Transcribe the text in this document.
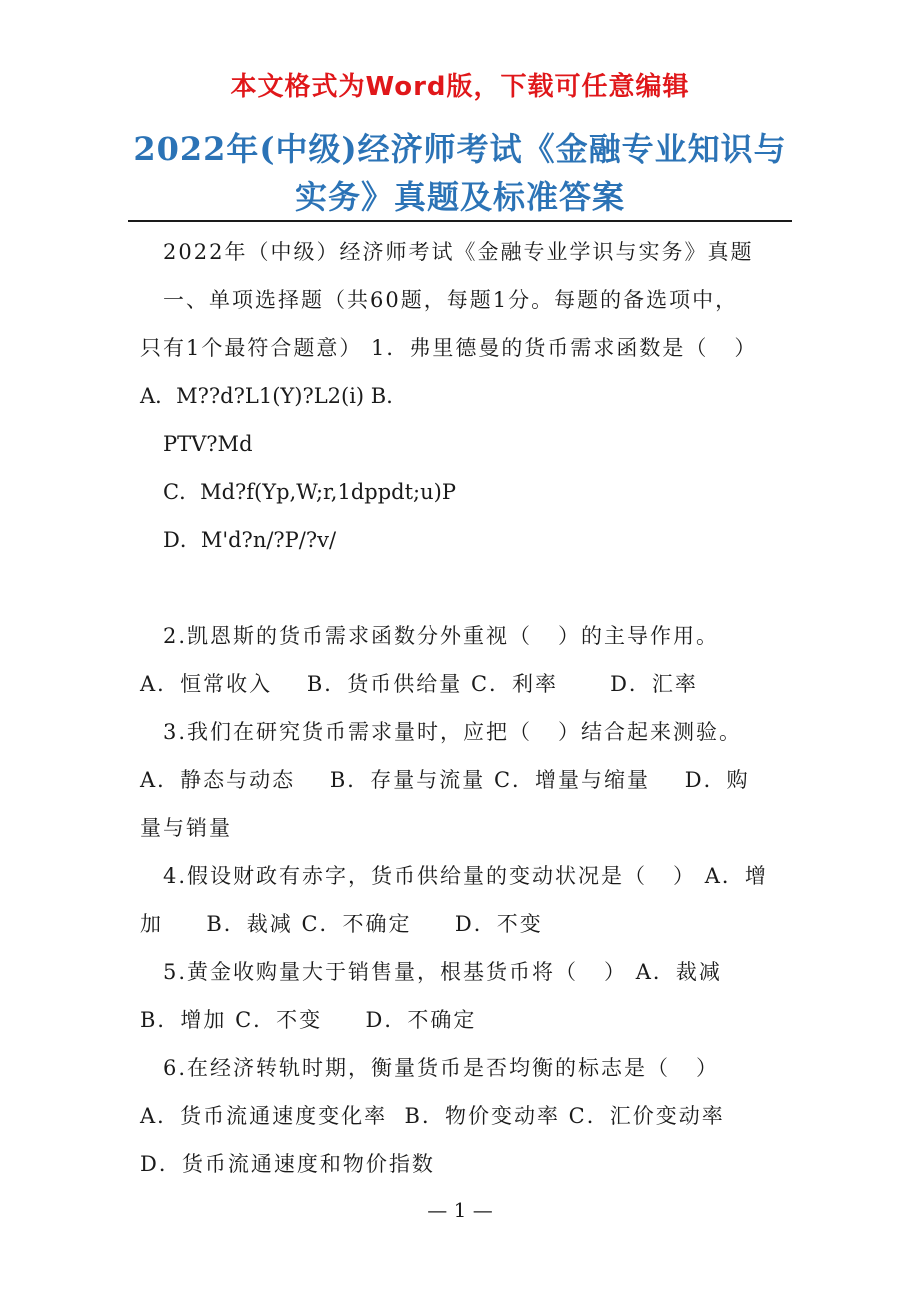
本文格式为Word版，下载可任意编辑
2022年(中级)经济师考试《金融专业知识与
实务》真题及标准答案
2022年（中级）经济师考试《金融专业学识与实务》真题
一、单项选择题（共60题，每题1分。每题的备选项中，
只有1个最符合题意） 1．弗里德曼的货币需求函数是（   ）
A．M??d?L1(Y)?L2(i) B．
PTV?Md
C．Md?f(Yp,W;r,1dppdt;u)P
D．M'd?n/?P/?v/
2.凯恩斯的货币需求函数分外重视（   ）的主导作用。
A．恒常收入    B．货币供给量 C．利率      D．汇率
3.我们在研究货币需求量时，应把（   ）结合起来测验。
A．静态与动态    B．存量与流量 C．增量与缩量    D．购
量与销量
4.假设财政有赤字，货币供给量的变动状况是（   ） A．增
加     B．裁减 C．不确定     D．不变
5.黄金收购量大于销售量，根基货币将（   ） A．裁减
B．增加 C．不变     D．不确定
6.在经济转轨时期，衡量货币是否均衡的标志是（   ）
A．货币流通速度变化率  B．物价变动率 C．汇价变动率
D．货币流通速度和物价指数
— 1 —
